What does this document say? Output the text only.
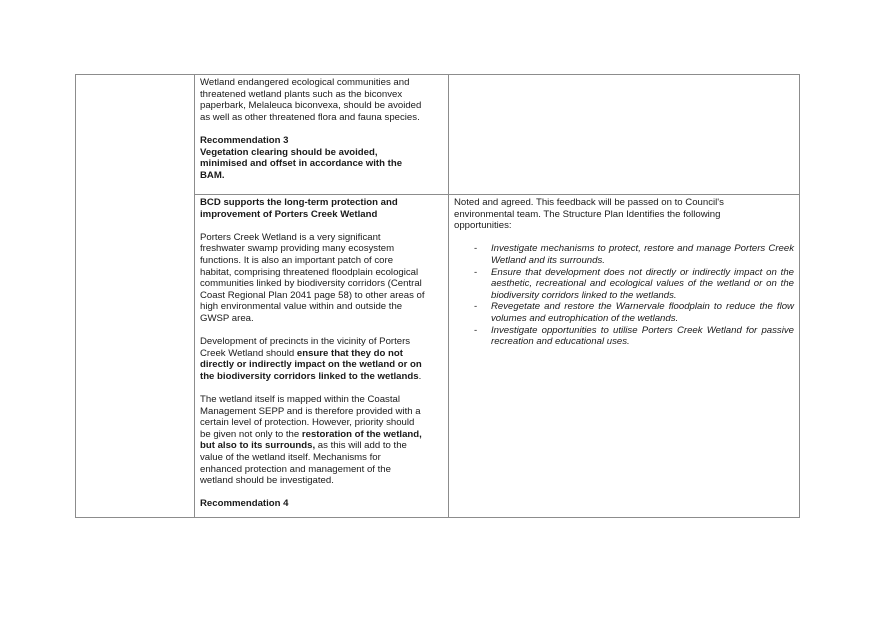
Wetland endangered ecological communities and

threatened wetland plants such as the biconvex

paperbark, Melaleuca biconvexa, should be avoided

as well as other threatened flora and fauna species.

Recommendation 3

Vegetation clearing should be avoided,

minimised and offset in accordance with the

BAM.

BCD supports the long-term protection and

improvement of Porters Creek Wetland

Porters Creek Wetland is a very significant

freshwater swamp providing many ecosystem

functions. It is also an important patch of core

habitat, comprising threatened floodplain ecological

communities linked by biodiversity corridors (Central

Coast Regional Plan 2041 page 58) to other areas of

high environmental value within and outside the

GWSP area.

Development of precincts in the vicinity of Porters

Creek Wetland should ensure that they do not

directly or indirectly impact on the wetland or on

the biodiversity corridors linked to the wetlands.

The wetland itself is mapped within the Coastal

Management SEPP and is therefore provided with a

certain level of protection. However, priority should

be given not only to the restoration of the wetland,

but also to its surrounds, as this will add to the

value of the wetland itself. Mechanisms for

enhanced protection and management of the

wetland should be investigated.

Recommendation 4

Noted and agreed. This feedback will be passed on to Council's

environmental team. The Structure Plan Identifies the following

opportunities:

- Investigate mechanisms to protect, restore and manage Porters Creek Wetland and its surrounds.
- Ensure that development does not directly or indirectly impact on the aesthetic, recreational and ecological values of the wetland or on the biodiversity corridors linked to the wetlands.
- Revegetate and restore the Warnervale floodplain to reduce the flow volumes and eutrophication of the wetlands.
- Investigate opportunities to utilise Porters Creek Wetland for passive recreation and educational uses.
